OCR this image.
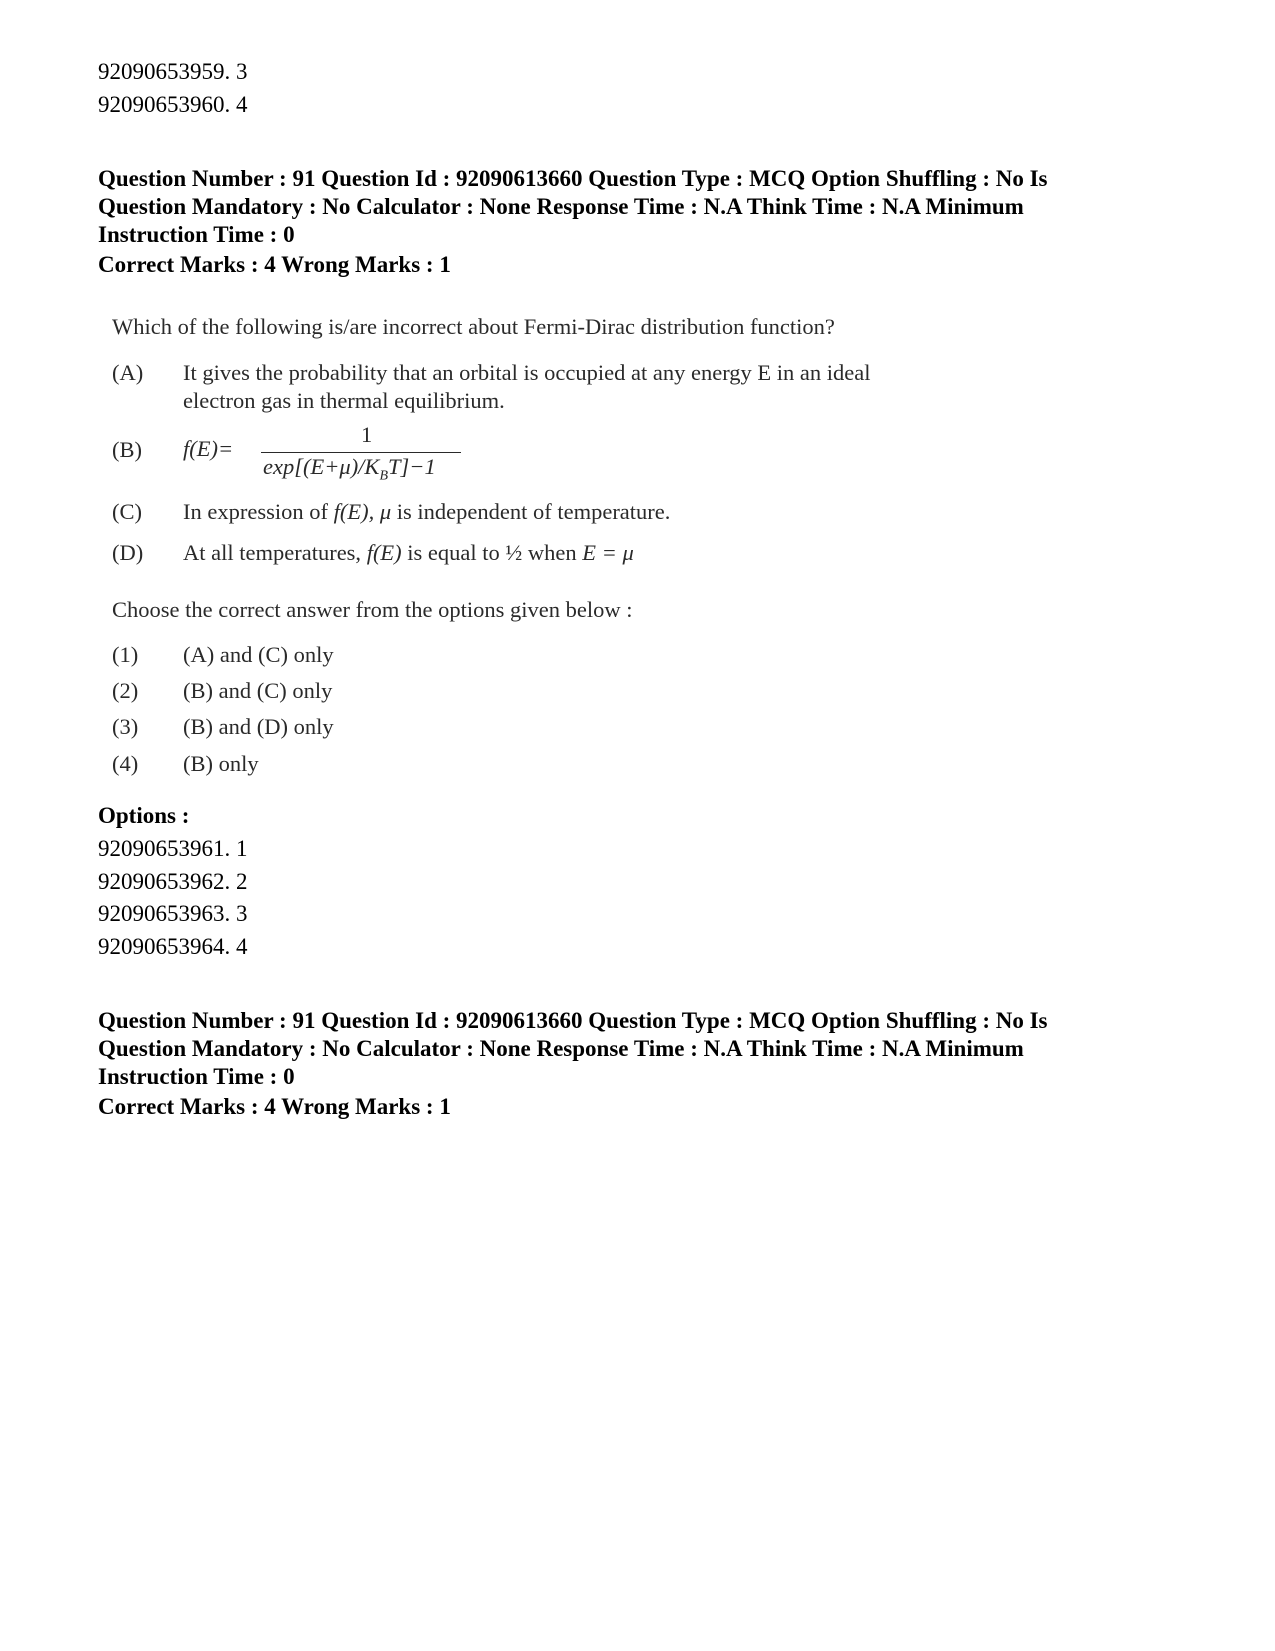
92090653959. 3
92090653960. 4
Question Number : 91 Question Id : 92090613660 Question Type : MCQ Option Shuffling : No Is
Question Mandatory : No Calculator : None Response Time : N.A Think Time : N.A Minimum
Instruction Time : 0
Correct Marks : 4 Wrong Marks : 1
Which of the following is/are incorrect about Fermi-Dirac distribution function?
(A) It gives the probability that an orbital is occupied at any energy E in an ideal
electron gas in thermal equilibrium.
(B) f(E)=
1
$\exp[(E+\mu)/K_BT]-1$
(C) In expression of f(E), μ is independent of temperature.
(D) At all temperatures, f(E) is equal to ½ when E = μ
Choose the correct answer from the options given below :
(1) (A) and (C) only
(2) (B) and (C) only
(3) (B) and (D) only
(4) (B) only
Options :
92090653961. 1
92090653962. 2
92090653963. 3
92090653964. 4
Question Number : 91 Question Id : 92090613660 Question Type : MCQ Option Shuffling : No Is
Question Mandatory : No Calculator : None Response Time : N.A Think Time : N.A Minimum
Instruction Time : 0
Correct Marks : 4 Wrong Marks : 1
